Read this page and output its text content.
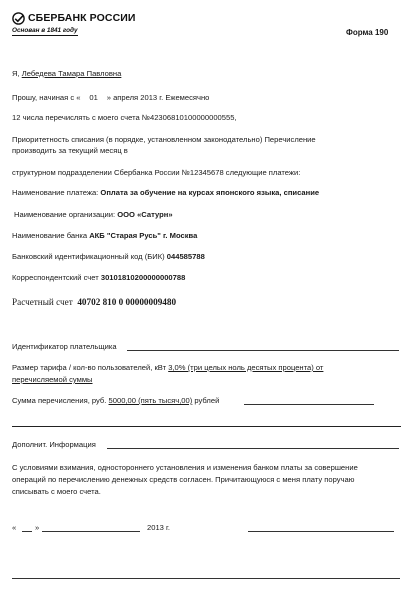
СБЕРБАНК РОССИИ
Основан в 1841 году	Форма 190
Я, Лебедева Тамара Павловна
Прошу, начиная с « 01 » апреля 2013 г. Ежемесячно
12 числа перечислять с моего счета №42306810100000000555,
Приоритетность списания (в порядке, установленном законодательно) Перечисление
производить за текущий месяц в
структурном подразделении Сбербанка России №12345678 следующие платежи:
Наименование платежа: Оплата за обучение на курсах японского языка, списание
Наименование организации: ООО «Сатурн»
Наименование банка АКБ "Старая Русь" г. Москва
Банковский идентификационный код (БИК) 044585788
Корреспондентский счет 30101810200000000788
Расчетный счет 40702 810 0 00000009480
Идентификатор плательщика
Размер тарифа / кол-во пользователей, кВт 3,0% (три целых ноль десятых процента) от
перечисляемой суммы
Сумма перечисления, руб. 5000,00 (пять тысяч,00) рублей
Дополнит. Информация
С условиями взимания, одностороннего установления и изменения банком платы за совершение
операций по перечислению денежных средств согласен. Причитающуюся с меня плату поручаю
списывать с моего счета.
« »	2013 г.
